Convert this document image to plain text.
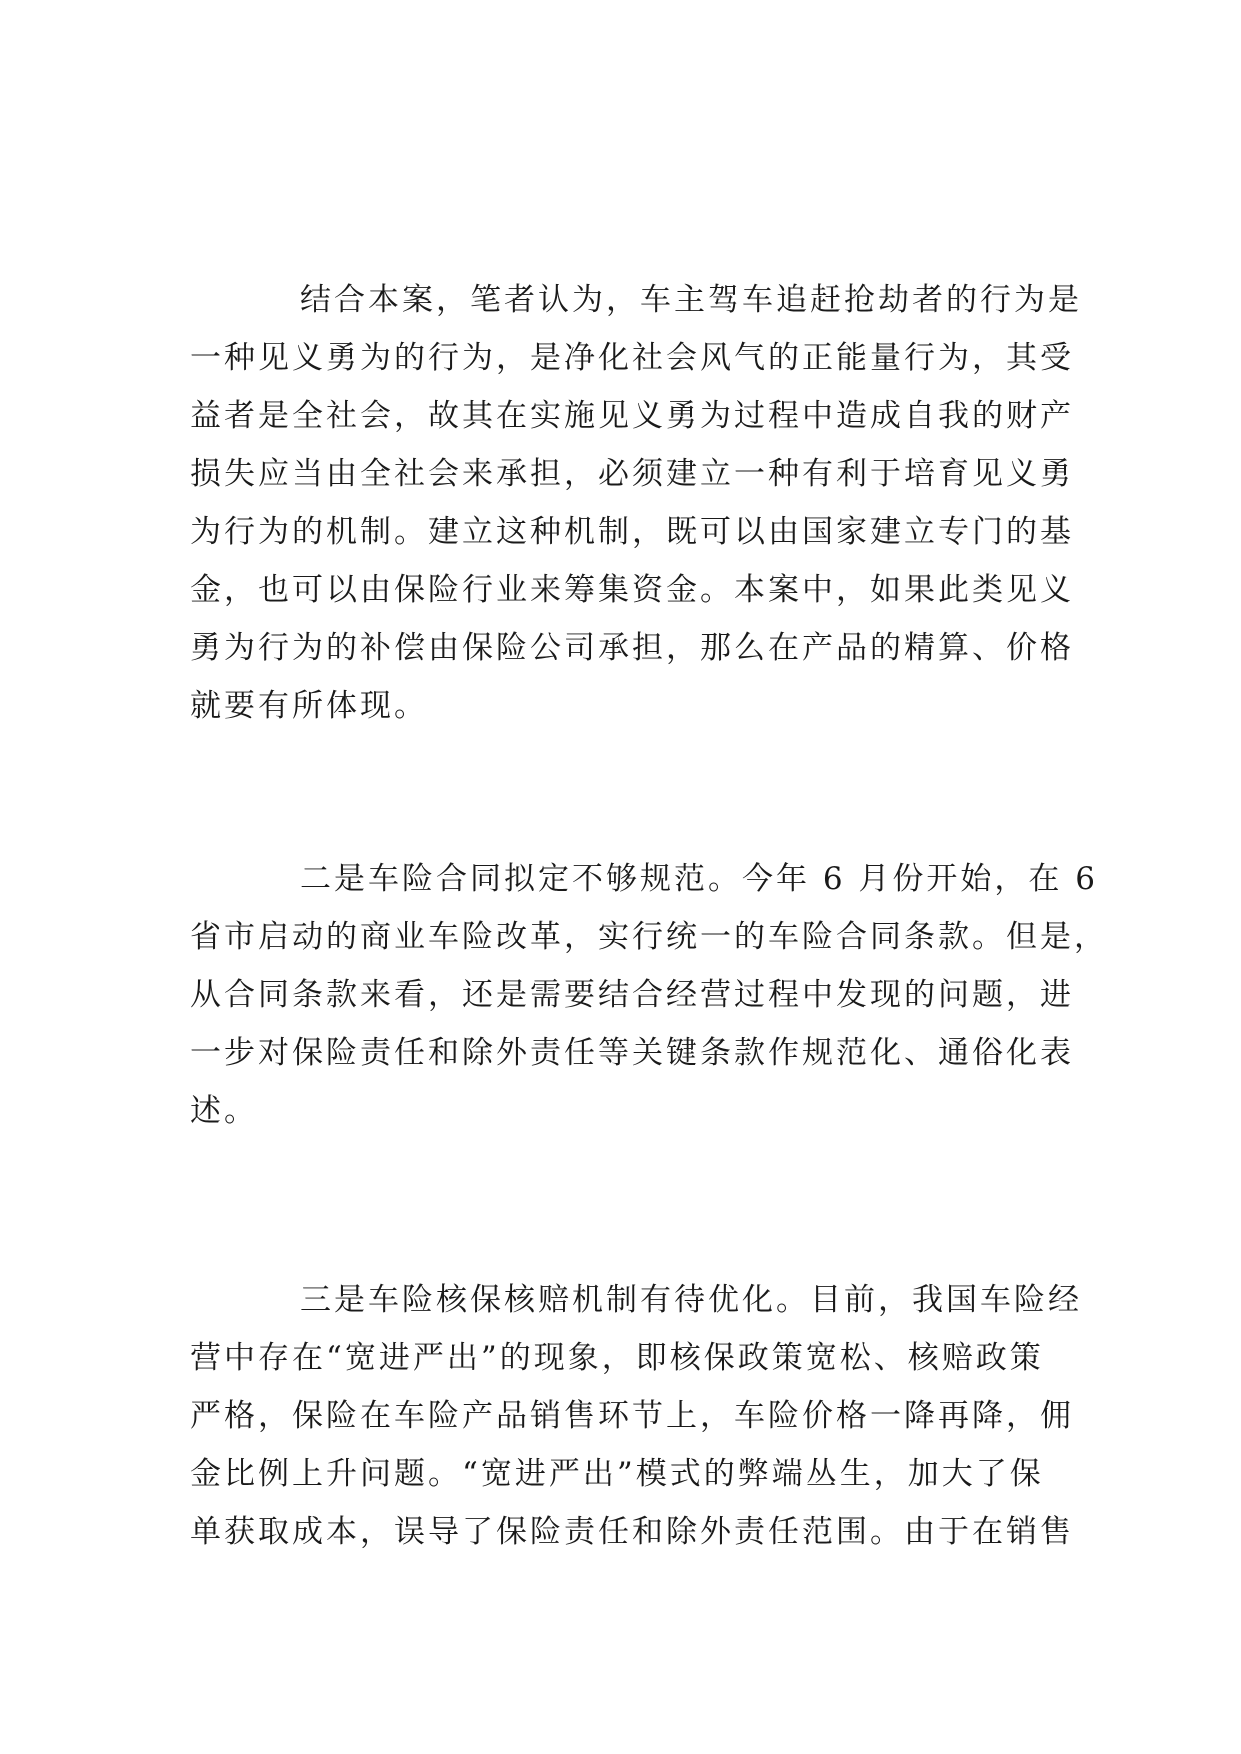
结合本案，笔者认为，车主驾车追赶抢劫者的行为是
一种见义勇为的行为，是净化社会风气的正能量行为，其受
益者是全社会，故其在实施见义勇为过程中造成自我的财产
损失应当由全社会来承担，必须建立一种有利于培育见义勇
为行为的机制。建立这种机制，既可以由国家建立专门的基
金，也可以由保险行业来筹集资金。本案中，如果此类见义
勇为行为的补偿由保险公司承担，那么在产品的精算、价格
就要有所体现。

二是车险合同拟定不够规范。今年 6 月份开始，在 6
省市启动的商业车险改革，实行统一的车险合同条款。但是，
从合同条款来看，还是需要结合经营过程中发现的问题，进
一步对保险责任和除外责任等关键条款作规范化、通俗化表
述。

三是车险核保核赔机制有待优化。目前，我国车险经
营中存在“宽进严出”的现象，即核保政策宽松、核赔政策
严格，保险在车险产品销售环节上，车险价格一降再降，佣
金比例上升问题。“宽进严出”模式的弊端丛生，加大了保
单获取成本，误导了保险责任和除外责任范围。由于在销售
